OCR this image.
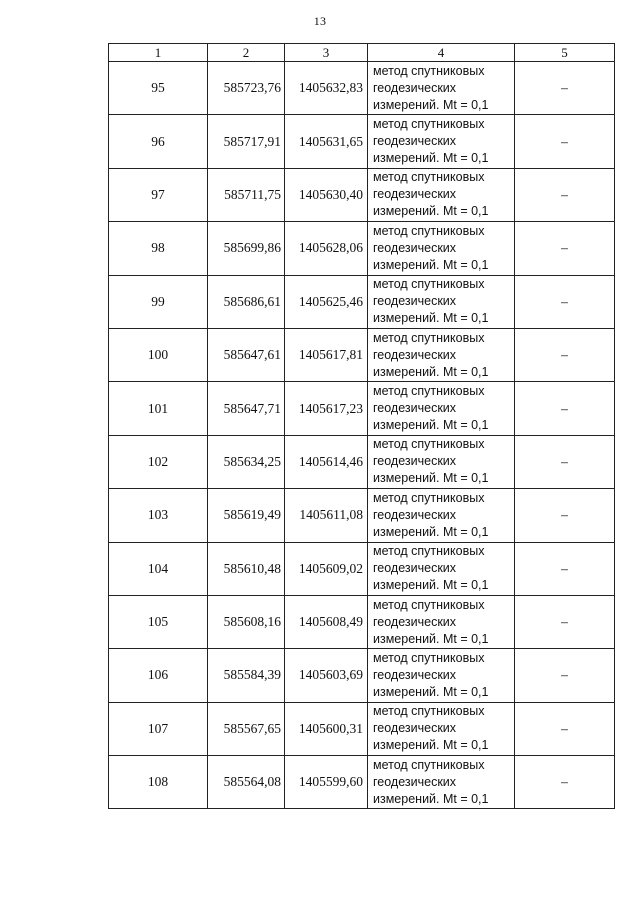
13
1	2	3	4	5
95	585723,76	1405632,83	метод спутниковых
геодезических
измерений. Mt = 0,1	–
96	585717,91	1405631,65	метод спутниковых
геодезических
измерений. Mt = 0,1	–
97	585711,75	1405630,40	метод спутниковых
геодезических
измерений. Mt = 0,1	–
98	585699,86	1405628,06	метод спутниковых
геодезических
измерений. Mt = 0,1	–
99	585686,61	1405625,46	метод спутниковых
геодезических
измерений. Mt = 0,1	–
100	585647,61	1405617,81	метод спутниковых
геодезических
измерений. Mt = 0,1	–
101	585647,71	1405617,23	метод спутниковых
геодезических
измерений. Mt = 0,1	–
102	585634,25	1405614,46	метод спутниковых
геодезических
измерений. Mt = 0,1	–
103	585619,49	1405611,08	метод спутниковых
геодезических
измерений. Mt = 0,1	–
104	585610,48	1405609,02	метод спутниковых
геодезических
измерений. Mt = 0,1	–
105	585608,16	1405608,49	метод спутниковых
геодезических
измерений. Mt = 0,1	–
106	585584,39	1405603,69	метод спутниковых
геодезических
измерений. Mt = 0,1	–
107	585567,65	1405600,31	метод спутниковых
геодезических
измерений. Mt = 0,1	–
108	585564,08	1405599,60	метод спутниковых
геодезических
измерений. Mt = 0,1	–
